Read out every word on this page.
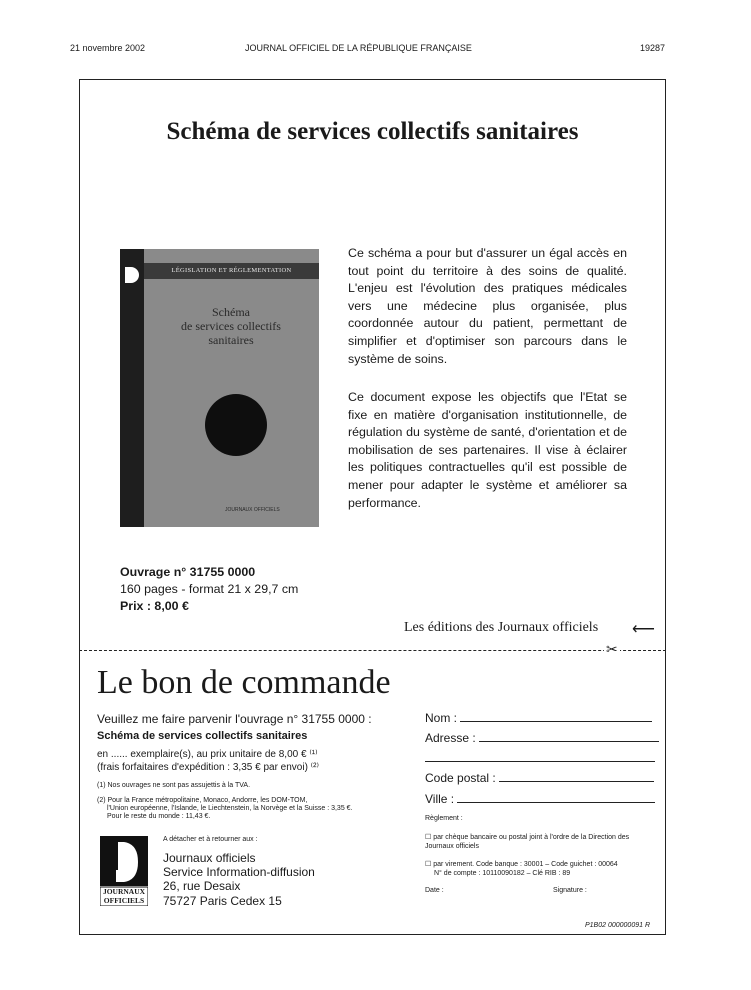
21 novembre 2002	JOURNAL OFFICIEL DE LA RÉPUBLIQUE FRANÇAISE	19287
Schéma de services collectifs sanitaires
LÉGISLATION ET RÉGLEMENTATION
Schéma
de services collectifs
sanitaires
JOURNAUX OFFICIELS
Ce schéma a pour but d'assurer un égal accès en tout point du territoire à des soins de qualité. L'enjeu est l'évolution des pratiques médicales vers une médecine plus organisée, plus coordonnée autour du patient, permettant de simplifier et d'optimiser son parcours dans le système de soins.
Ce document expose les objectifs que l'Etat se fixe en matière d'organisation institutionnelle, de régulation du système de santé, d'orientation et de mobilisation de ses partenaires. Il vise à éclairer les politiques contractuelles qu'il est possible de mener pour adapter le système et améliorer sa performance.
Ouvrage n° 31755 0000
160 pages - format 21 x 29,7 cm
Prix : 8,00 €
Les éditions des Journaux officiels ⟵
✂
Le bon de commande
Veuillez me faire parvenir l'ouvrage n° 31755 0000 :
Schéma de services collectifs sanitaires
en ...... exemplaire(s), au prix unitaire de 8,00 € ⁽¹⁾
(frais forfaitaires d'expédition : 3,35 € par envoi) ⁽²⁾
(1) Nos ouvrages ne sont pas assujettis à la TVA.
(2) Pour la France métropolitaine, Monaco, Andorre, les DOM-TOM,
l'Union européenne, l'Islande, le Liechtenstein, la Norvège et la Suisse : 3,35 €.
Pour le reste du monde : 11,43 €.
A détacher et à retourner aux :
JOURNAUX
OFFICIELS
Journaux officiels
Service Information-diffusion
26, rue Desaix
75727 Paris Cedex 15
Nom :
Adresse :
Code postal :
Ville :
Règlement :
☐ par chèque bancaire ou postal joint à l'ordre de la Direction des Journaux officiels
☐ par virement. Code banque : 30001 – Code guichet : 00064
N° de compte : 10110090182 – Clé RIB : 89
Date :	Signature :
P1B02 000000091 R
